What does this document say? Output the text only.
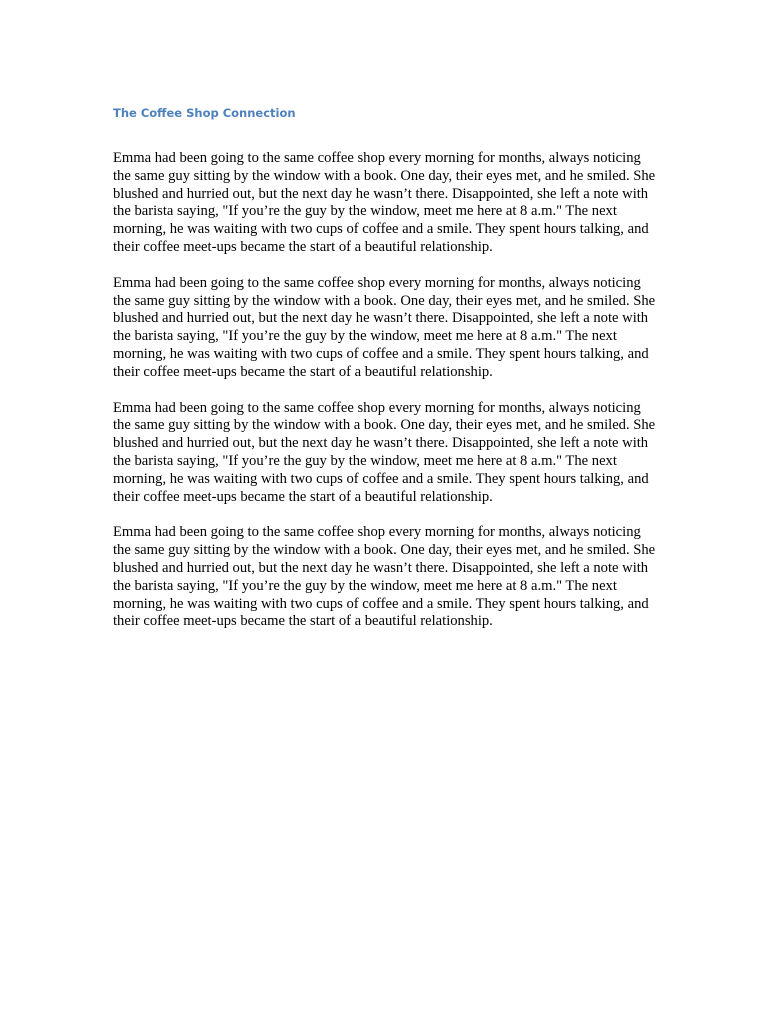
The Coffee Shop Connection

Emma had been going to the same coffee shop every morning for months, always noticing the same guy sitting by the window with a book. One day, their eyes met, and he smiled. She blushed and hurried out, but the next day he wasn’t there. Disappointed, she left a note with the barista saying, "If you’re the guy by the window, meet me here at 8 a.m." The next morning, he was waiting with two cups of coffee and a smile. They spent hours talking, and their coffee meet-ups became the start of a beautiful relationship.

Emma had been going to the same coffee shop every morning for months, always noticing the same guy sitting by the window with a book. One day, their eyes met, and he smiled. She blushed and hurried out, but the next day he wasn’t there. Disappointed, she left a note with the barista saying, "If you’re the guy by the window, meet me here at 8 a.m." The next morning, he was waiting with two cups of coffee and a smile. They spent hours talking, and their coffee meet-ups became the start of a beautiful relationship.

Emma had been going to the same coffee shop every morning for months, always noticing the same guy sitting by the window with a book. One day, their eyes met, and he smiled. She blushed and hurried out, but the next day he wasn’t there. Disappointed, she left a note with the barista saying, "If you’re the guy by the window, meet me here at 8 a.m." The next morning, he was waiting with two cups of coffee and a smile. They spent hours talking, and their coffee meet-ups became the start of a beautiful relationship.

Emma had been going to the same coffee shop every morning for months, always noticing the same guy sitting by the window with a book. One day, their eyes met, and he smiled. She blushed and hurried out, but the next day he wasn’t there. Disappointed, she left a note with the barista saying, "If you’re the guy by the window, meet me here at 8 a.m." The next morning, he was waiting with two cups of coffee and a smile. They spent hours talking, and their coffee meet-ups became the start of a beautiful relationship.
